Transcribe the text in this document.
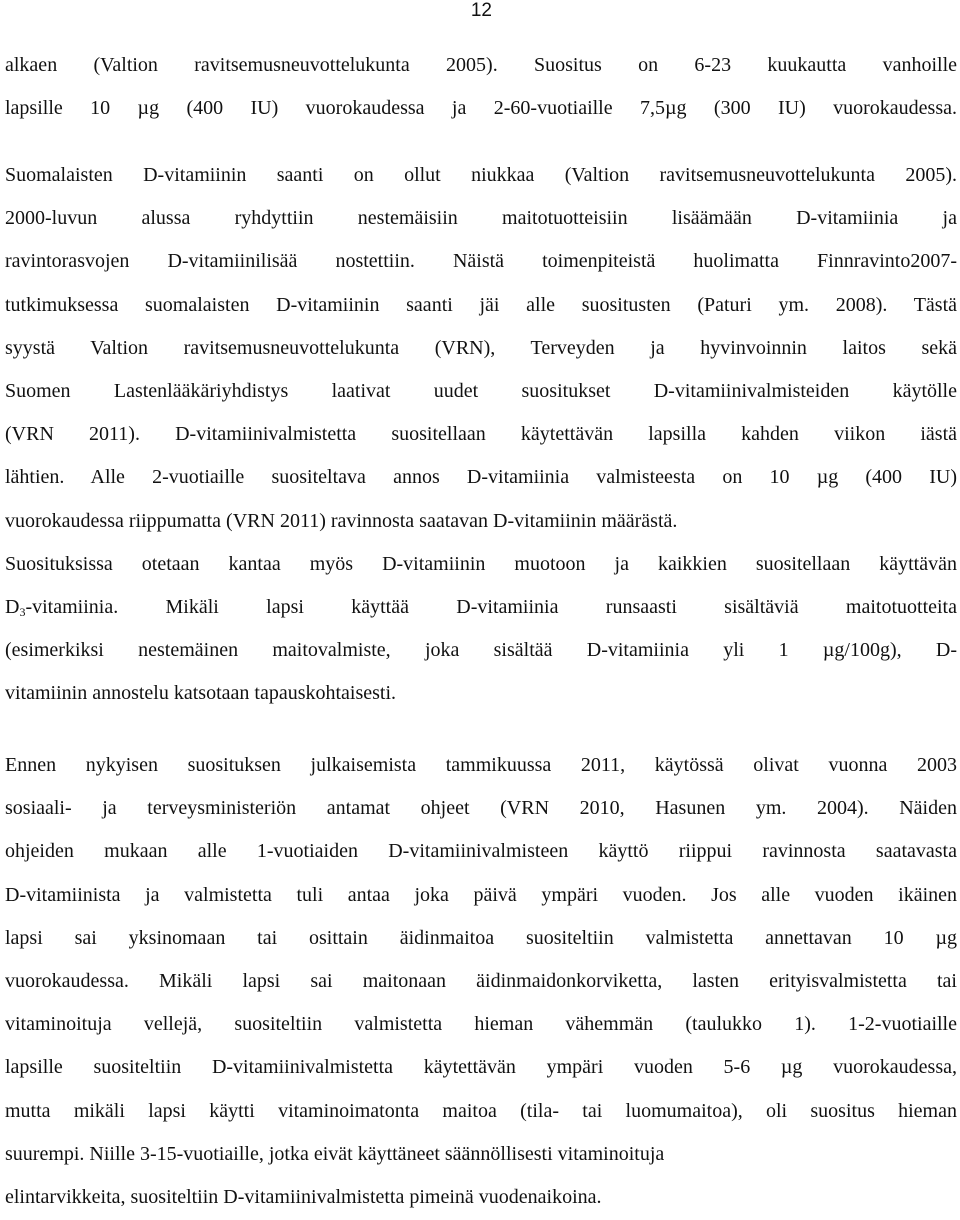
12
alkaen (Valtion ravitsemusneuvottelukunta 2005). Suositus on 6-23 kuukautta vanhoille
lapsille 10 µg (400 IU) vuorokaudessa ja 2-60-vuotiaille 7,5µg (300 IU) vuorokaudessa.
Suomalaisten D-vitamiinin saanti on ollut niukkaa (Valtion ravitsemusneuvottelukunta 2005).
2000-luvun alussa ryhdyttiin nestemäisiin maitotuotteisiin lisäämään D-vitamiinia ja
ravintorasvojen D-vitamiinilisää nostettiin. Näistä toimenpiteistä huolimatta Finnravinto2007-
tutkimuksessa suomalaisten D-vitamiinin saanti jäi alle suositusten (Paturi ym. 2008). Tästä
syystä Valtion ravitsemusneuvottelukunta (VRN), Terveyden ja hyvinvoinnin laitos sekä
Suomen Lastenlääkäriyhdistys laativat uudet suositukset D-vitamiinivalmisteiden käytölle
(VRN 2011). D-vitamiinivalmistetta suositellaan käytettävän lapsilla kahden viikon iästä
lähtien. Alle 2-vuotiaille suositeltava annos D-vitamiinia valmisteesta on 10 µg (400 IU)
vuorokaudessa riippumatta (VRN 2011) ravinnosta saatavan D-vitamiinin määrästä.
Suosituksissa otetaan kantaa myös D-vitamiinin muotoon ja kaikkien suositellaan käyttävän
$D_3$-vitamiinia. Mikäli lapsi käyttää D-vitamiinia runsaasti sisältäviä maitotuotteita
(esimerkiksi nestemäinen maitovalmiste, joka sisältää D-vitamiinia yli 1 µg/100g), D-
vitamiinin annostelu katsotaan tapauskohtaisesti.
Ennen nykyisen suosituksen julkaisemista tammikuussa 2011, käytössä olivat vuonna 2003
sosiaali- ja terveysministeriön antamat ohjeet (VRN 2010, Hasunen ym. 2004). Näiden
ohjeiden mukaan alle 1-vuotiaiden D-vitamiinivalmisteen käyttö riippui ravinnosta saatavasta
D-vitamiinista ja valmistetta tuli antaa joka päivä ympäri vuoden. Jos alle vuoden ikäinen
lapsi sai yksinomaan tai osittain äidinmaitoa suositeltiin valmistetta annettavan 10 µg
vuorokaudessa. Mikäli lapsi sai maitonaan äidinmaidonkorviketta, lasten erityisvalmistetta tai
vitaminoituja vellejä, suositeltiin valmistetta hieman vähemmän (taulukko 1). 1-2-vuotiaille
lapsille suositeltiin D-vitamiinivalmistetta käytettävän ympäri vuoden 5-6 µg vuorokaudessa,
mutta mikäli lapsi käytti vitaminoimatonta maitoa (tila- tai luomumaitoa), oli suositus hieman
suurempi. Niille 3-15-vuotiaille, jotka eivät käyttäneet säännöllisesti vitaminoituja
elintarvikkeita, suositeltiin D-vitamiinivalmistetta pimeinä vuodenaikoina.
